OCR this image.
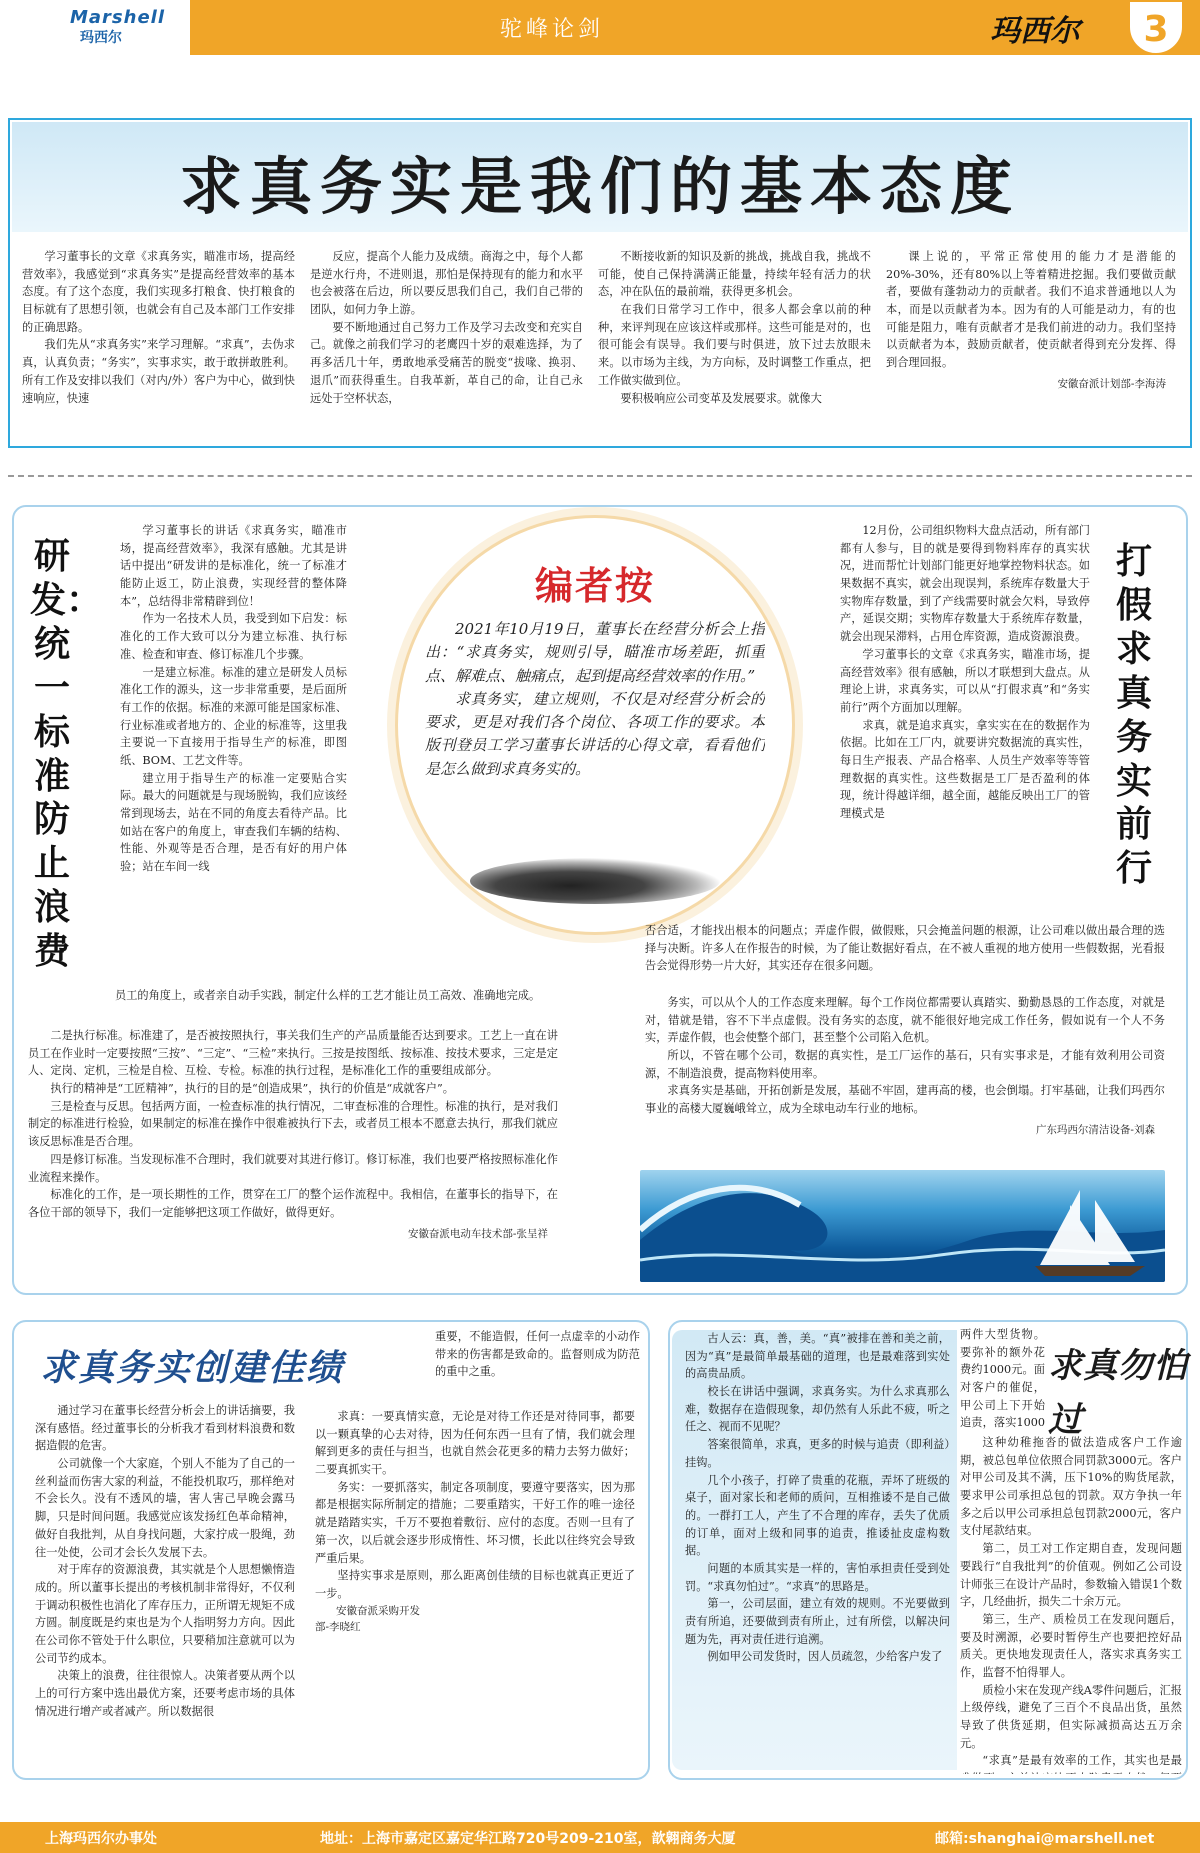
Marshell
玛西尔	驼峰论剑	玛西尔 3
求真务实是我们的基本态度

学习董事长的文章《求真务实，瞄准市场，提高经营效率》，我感觉到“求真务实”是提高经营效率的基本态度。有了这个态度，我们实现多打粮食、快打粮食的目标就有了思想引领，也就会有自己及本部门工作安排的正确思路。

我们先从“求真务实”来学习理解。“求真”，去伪求真，认真负责；“务实”，实事求实，敢于敢拼敢胜利。所有工作及安排以我们（对内/外）客户为中心，做到快速响应，快速

反应，提高个人能力及成绩。商海之中，每个人都是逆水行舟，不进则退，那怕是保持现有的能力和水平也会被落在后边，所以要反思我们自己，我们自己带的团队，如何力争上游。

要不断地通过自己努力工作及学习去改变和充实自己。就像之前我们学习的老鹰四十岁的艰难选择，为了再多活几十年，勇敢地承受痛苦的脱变“拔喙、换羽、退爪”而获得重生。自我革新，革自己的命，让自己永远处于空杯状态，

不断接收新的知识及新的挑战，挑战自我，挑战不可能，使自己保持满满正能量，持续年轻有活力的状态，冲在队伍的最前端，获得更多机会。

在我们日常学习工作中，很多人都会拿以前的种种，来评判现在应该这样或那样。这些可能是对的，也很可能会有误导。我们要与时俱进，放下过去放眼未来。以市场为主线，为方向标，及时调整工作重点，把工作做实做到位。

要积极响应公司变革及发展要求。就像大

课上说的，平常正常使用的能力才是潜能的20%-30%，还有80%以上等着精进挖掘。我们要做贡献者，要做有蓬勃动力的贡献者。我们不追求普通地以人为本，而是以贡献者为本。因为有的人可能是动力，有的也可能是阻力，唯有贡献者才是我们前进的动力。我们坚持以贡献者为本，鼓励贡献者，使贡献者得到充分发挥、得到合理回报。

安徽奋派计划部-李海涛

编者按

2021年10月19日，董事长在经营分析会上指出：“求真务实，规则引导，瞄准市场差距，抓重点、解难点、触痛点，起到提高经营效率的作用。”

求真务实，建立规则，不仅是对经营分析会的要求，更是对我们各个岗位、各项工作的要求。本版刊登员工学习董事长讲话的心得文章，看看他们是怎么做到求真务实的。

研发：统一标准 防止浪费

学习董事长的讲话《求真务实，瞄准市场，提高经营效率》，我深有感触。尤其是讲话中提出“研发讲的是标准化，统一了标准才能防止返工，防止浪费，实现经营的整体降本”，总结得非常精辟到位！

作为一名技术人员，我受到如下启发：标准化的工作大致可以分为建立标准、执行标准、检查和审查、修订标准几个步骤。

一是建立标准。标准的建立是研发人员标准化工作的源头，这一步非常重要，是后面所有工作的依据。标准的来源可能是国家标准、行业标准或者地方的、企业的标准等，这里我主要说一下直接用于指导生产的标准，即图纸、BOM、工艺文件等。

建立用于指导生产的标准一定要贴合实际。最大的问题就是与现场脱钩，我们应该经常到现场去，站在不同的角度去看待产品。比如站在客户的角度上，审查我们车辆的结构、性能、外观等是否合理，是否有好的用户体验；站在车间一线

员工的角度上，或者亲自动手实践，制定什么样的工艺才能让员工高效、准确地完成。

二是执行标准。标准建了，是否被按照执行，事关我们生产的产品质量能否达到要求。工艺上一直在讲员工在作业时一定要按照“三按”、“三定”、“三检”来执行。三按是按图纸、按标准、按技术要求，三定是定人、定岗、定机，三检是自检、互检、专检。标准的执行过程，是标准化工作的重要组成部分。

执行的精神是“工匠精神”，执行的目的是“创造成果”，执行的价值是“成就客户”。

三是检查与反思。包括两方面，一检查标准的执行情况，二审查标准的合理性。标准的执行，是对我们制定的标准进行检验，如果制定的标准在操作中很难被执行下去，或者员工根本不愿意去执行，那我们就应该反思标准是否合理。

四是修订标准。当发现标准不合理时，我们就要对其进行修订。修订标准，我们也要严格按照标准化作业流程来操作。

标准化的工作，是一项长期性的工作，贯穿在工厂的整个运作流程中。我相信，在董事长的指导下，在各位干部的领导下，我们一定能够把这项工作做好，做得更好。

安徽奋派电动车技术部-张呈祥

打假求真 务实前行

12月份，公司组织物料大盘点活动，所有部门都有人参与，目的就是要得到物料库存的真实状况，进而帮忙计划部门能更好地掌控物料状态。如果数据不真实，就会出现误判，系统库存数量大于实物库存数量，到了产线需要时就会欠料，导致停产，延误交期；实物库存数量大于系统库存数量，就会出现呆滞料，占用仓库资源，造成资源浪费。

学习董事长的文章《求真务实，瞄准市场，提高经营效率》很有感触，所以才联想到大盘点。从理论上讲，求真务实，可以从“打假求真”和“务实前行”两个方面加以理解。

求真，就是追求真实，拿实实在在的数据作为依据。比如在工厂内，就要讲究数据流的真实性，每日生产报表、产品合格率、人员生产效率等等管理数据的真实性。这些数据是工厂是否盈利的体现，统计得越详细，越全面，越能反映出工厂的管理模式是

否合适，才能找出根本的问题点；弄虚作假，做假账，只会掩盖问题的根源，让公司难以做出最合理的选择与决断。许多人在作报告的时候，为了能让数据好看点，在不被人重视的地方使用一些假数据，光看报告会觉得形势一片大好，其实还存在很多问题。

务实，可以从个人的工作态度来理解。每个工作岗位都需要认真踏实、勤勤恳恳的工作态度，对就是对，错就是错，容不下半点虚假。没有务实的态度，就不能很好地完成工作任务，假如说有一个人不务实，弄虚作假，也会使整个部门，甚至整个公司陷入危机。

所以，不管在哪个公司，数据的真实性，是工厂运作的基石，只有实事求是，才能有效利用公司资源，不制造浪费，提高物料使用率。

求真务实是基础，开拓创新是发展，基础不牢固，建再高的楼，也会倒塌。打牢基础，让我们玛西尔事业的高楼大厦巍峨耸立，成为全球电动车行业的地标。

广东玛西尔清洁设备-刘森

求真务实创建佳绩

通过学习在董事长经营分析会上的讲话摘要，我深有感悟。经过董事长的分析我才看到材料浪费和数据造假的危害。

公司就像一个大家庭，个别人不能为了自己的一丝利益而伤害大家的利益，不能投机取巧，那样绝对不会长久。没有不透风的墙，害人害己早晚会露马脚，只是时间问题。我感觉应该发扬红色革命精神，做好自我批判，从自身找问题，大家拧成一股绳，劲往一处使，公司才会长久发展下去。

对于库存的资源浪费，其实就是个人思想懒惰造成的。所以董事长提出的考核机制非常得好，不仅利于调动积极性也消化了库存压力，正所谓无规矩不成方圆。制度既是约束也是为个人指明努力方向。因此在公司你不管处于什么职位，只要稍加注意就可以为公司节约成本。

决策上的浪费，往往很惊人。决策者要从两个以上的可行方案中选出最优方案，还要考虑市场的具体情况进行增产或者减产。所以数据很

重要，不能造假，任何一点虚幸的小动作带来的伤害都是致命的。监督则成为防范的重中之重。

求真：一要真情实意，无论是对待工作还是对待同事，都要以一颗真挚的心去对待，因为任何东西一旦有了情，我们就会理解到更多的责任与担当，也就自然会花更多的精力去努力做好；二要真抓实干。

务实：一要抓落实，制定各项制度，要遵守要落实，因为那都是根据实际所制定的措施；二要重踏实，干好工作的唯一途径就是踏踏实实，千万不要抱着敷衍、应付的态度。否则一旦有了第一次，以后就会逐步形成惰性、坏习惯，长此以往终究会导致严重后果。

坚持实事求是原则，那么距离创佳绩的目标也就真正更近了一步。

安徽奋派采购开发

部-李晓红

古人云：真，善，美。“真”被排在善和美之前，因为“真”是最简单最基础的道理，也是最难落到实处的高贵品质。

校长在讲话中强调，求真务实。为什么求真那么难，数据存在造假现象，却仍然有人乐此不疲，听之任之、视而不见呢？

答案很简单，求真，更多的时候与追责（即利益）挂钩。

几个小孩子，打碎了贵重的花瓶，弄坏了班级的桌子，面对家长和老师的质问，互相推诿不是自己做的。一群打工人，产生了不合理的库存，丢失了优质的订单，面对上级和同事的追责，推诿扯皮虚构数据。

问题的本质其实是一样的，害怕承担责任受到处罚。“求真勿怕过”。“求真”的思路是。

第一，公司层面，建立有效的规则。不光要做到责有所追，还要做到责有所止，过有所偿，以解决问题为先，再对责任进行追溯。

例如甲公司发货时，因人员疏忽，少给客户发了

两件大型货物。要弥补的额外花费约1000元。面对客户的催促，甲公司上下开始追责，落实1000

求真勿怕过

这种幼稚拖沓的做法造成客户工作逾期，被总包单位依照合同罚款3000元。客户对甲公司及其不满，压下10%的购货尾款，要求甲公司承担总包的罚款。双方争执一年多之后以甲公司承担总包罚款2000元，客户支付尾款结束。

第二，员工对工作定期自查，发现问题要践行“自我批判”的价值观。例如乙公司设计师张三在设计产品时，参数输入错误1个数字，几经曲折，损失二十余万元。

第三，生产、质检员工在发现问题后，要及时溯源，必要时暂停生产也要把控好品质关。更快地发现责任人，落实求真务实工作，监督不怕得罪人。

质检小宋在发现产线A零件问题后，汇报上级停线，避免了三百个不良品出货，虽然导致了供货延期，但实际减损高达五万余元。

“求真”是最有效率的工作，其实也是最

上海玛西尔办事处	地址：上海市嘉定区嘉定华江路720号209-210室，歆翱商务大厦	邮箱:shanghai@marshell.net
